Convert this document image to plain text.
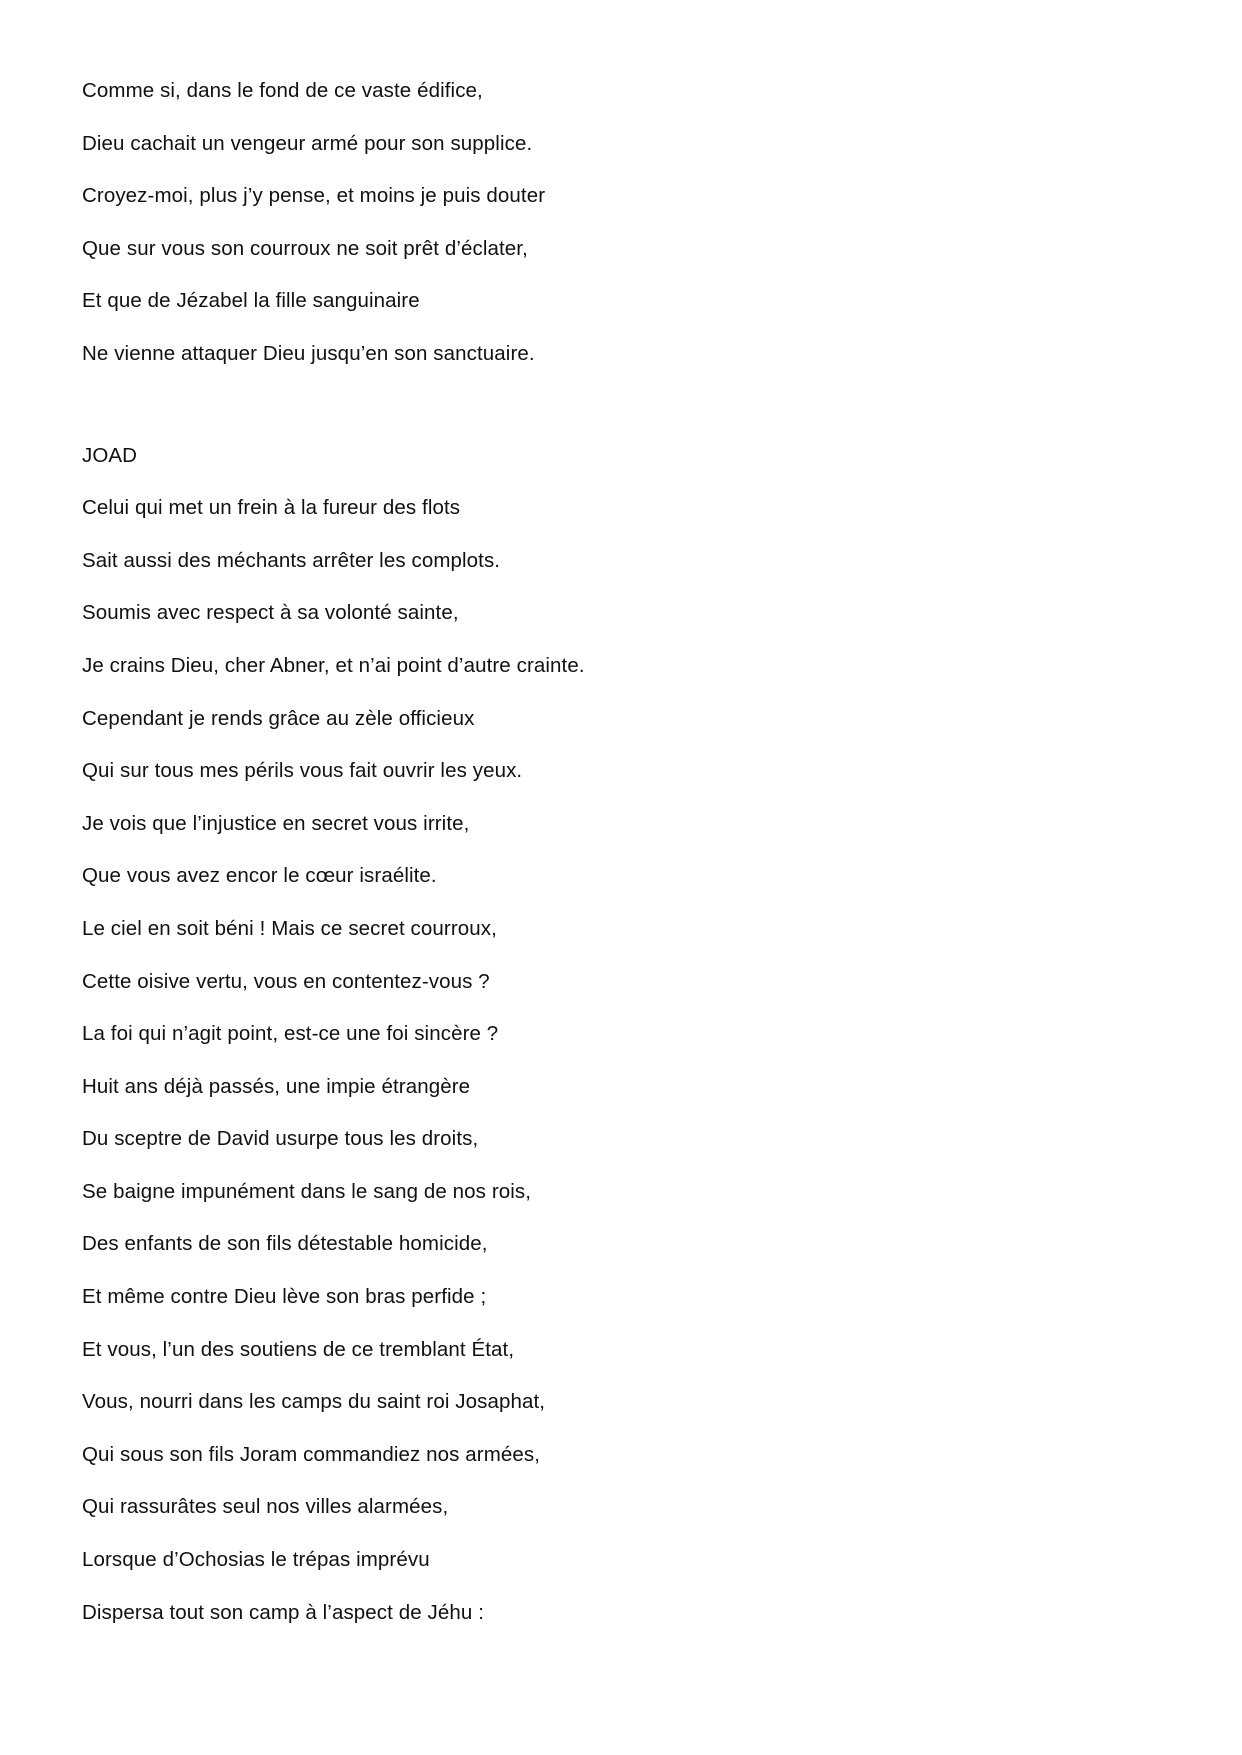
Comme si, dans le fond de ce vaste édifice,

Dieu cachait un vengeur armé pour son supplice.

Croyez-moi, plus j’y pense, et moins je puis douter

Que sur vous son courroux ne soit prêt d’éclater,

Et que de Jézabel la fille sanguinaire

Ne vienne attaquer Dieu jusqu’en son sanctuaire.

JOAD

Celui qui met un frein à la fureur des flots

Sait aussi des méchants arrêter les complots.

Soumis avec respect à sa volonté sainte,

Je crains Dieu, cher Abner, et n’ai point d’autre crainte.

Cependant je rends grâce au zèle officieux

Qui sur tous mes périls vous fait ouvrir les yeux.

Je vois que l’injustice en secret vous irrite,

Que vous avez encor le cœur israélite.

Le ciel en soit béni ! Mais ce secret courroux,

Cette oisive vertu, vous en contentez-vous ?

La foi qui n’agit point, est-ce une foi sincère ?

Huit ans déjà passés, une impie étrangère

Du sceptre de David usurpe tous les droits,

Se baigne impunément dans le sang de nos rois,

Des enfants de son fils détestable homicide,

Et même contre Dieu lève son bras perfide ;

Et vous, l’un des soutiens de ce tremblant État,

Vous, nourri dans les camps du saint roi Josaphat,

Qui sous son fils Joram commandiez nos armées,

Qui rassurâtes seul nos villes alarmées,

Lorsque d’Ochosias le trépas imprévu

Dispersa tout son camp à l’aspect de Jéhu :
